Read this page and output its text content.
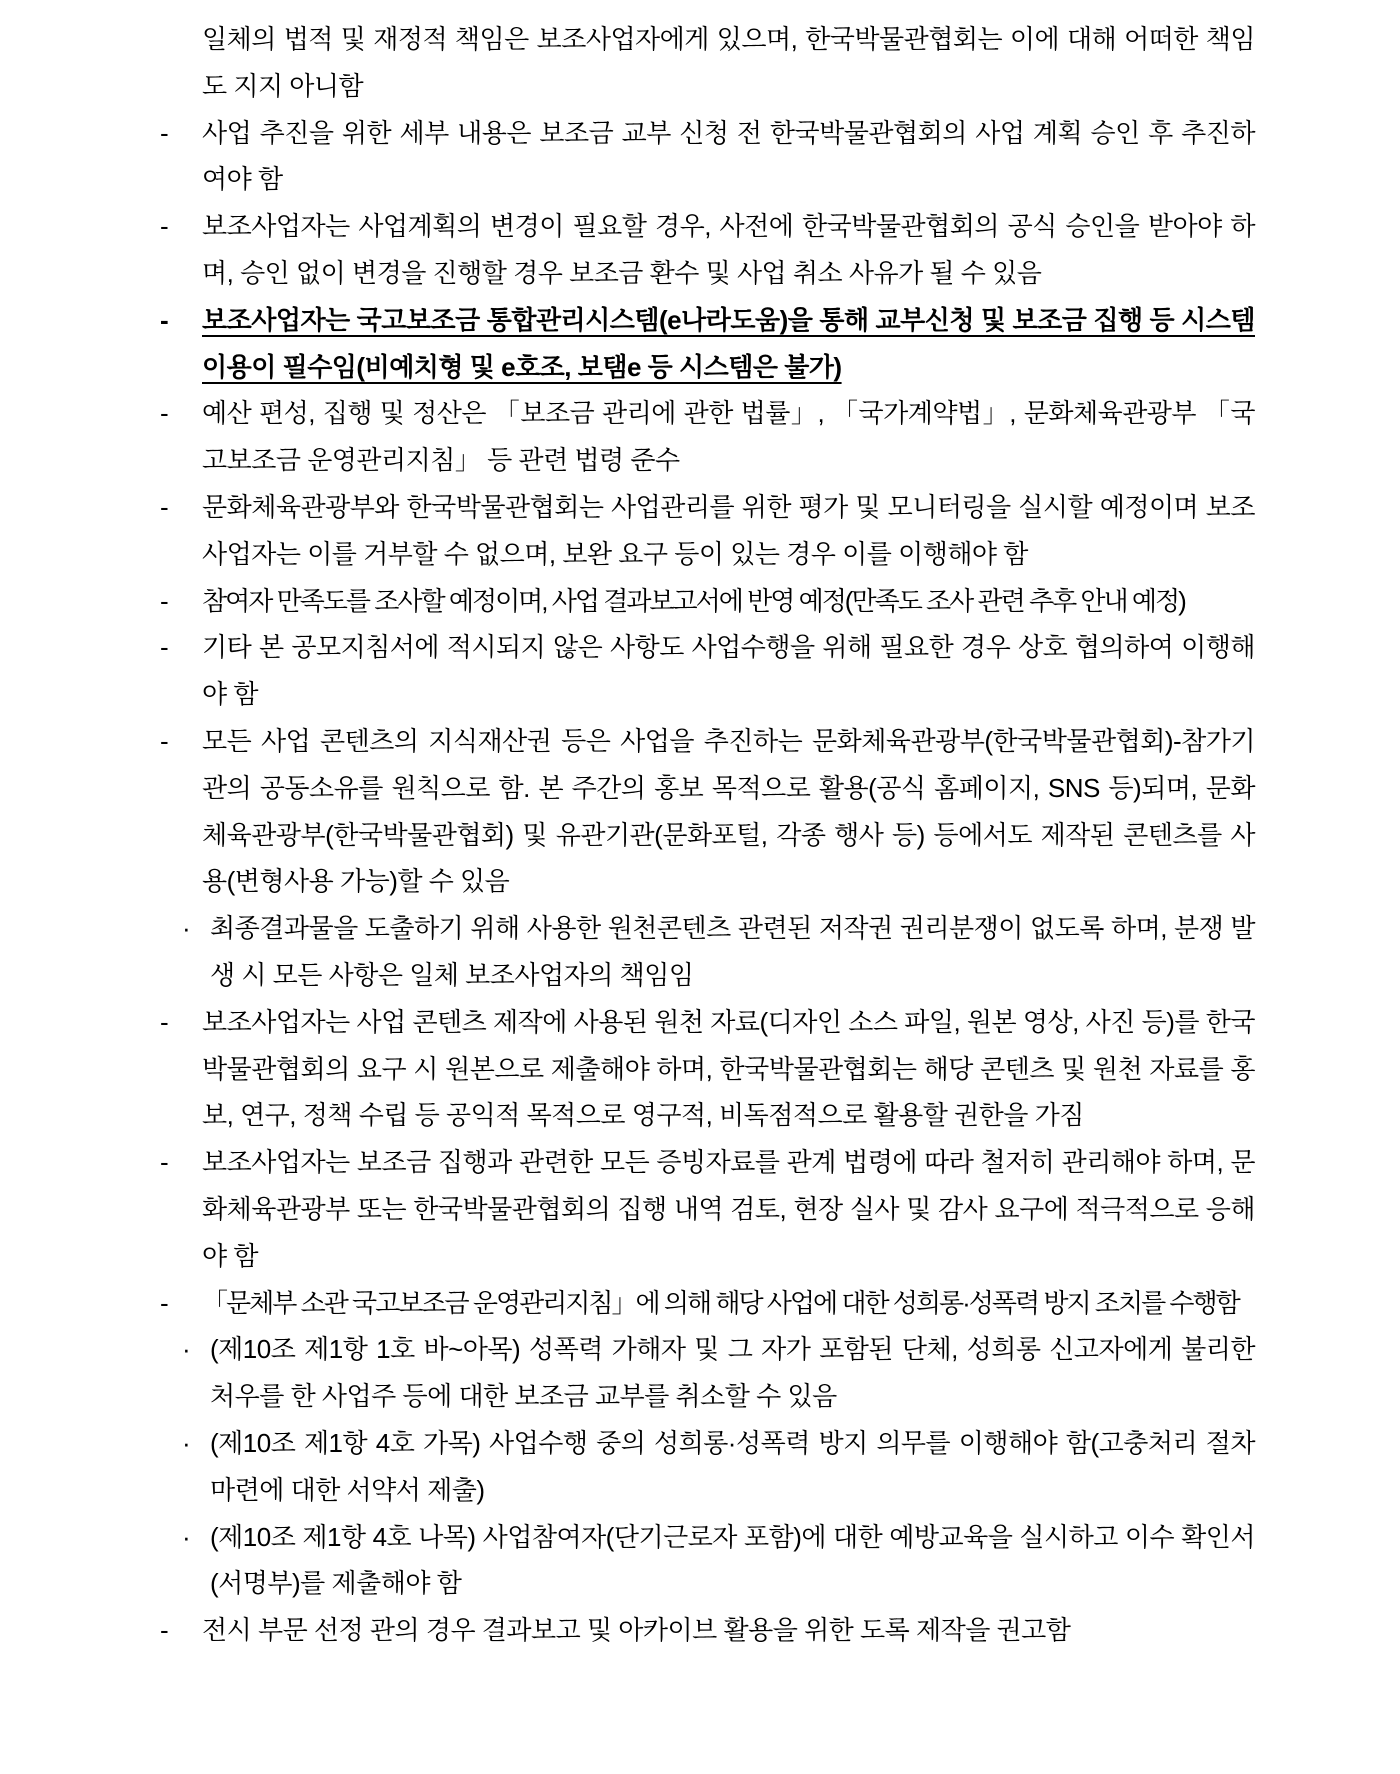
일체의 법적 및 재정적 책임은 보조사업자에게 있으며, 한국박물관협회는 이에 대해 어떠한 책임도 지지 아니함
- 사업 추진을 위한 세부 내용은 보조금 교부 신청 전 한국박물관협회의 사업 계획 승인 후 추진하여야 함
- 보조사업자는 사업계획의 변경이 필요할 경우, 사전에 한국박물관협회의 공식 승인을 받아야 하며, 승인 없이 변경을 진행할 경우 보조금 환수 및 사업 취소 사유가 될 수 있음
- 보조사업자는 국고보조금 통합관리시스템(e나라도움)을 통해 교부신청 및 보조금 집행 등 시스템 이용이 필수임(비예치형 및 e호조, 보탬e 등 시스템은 불가)
- 예산 편성, 집행 및 정산은 「보조금 관리에 관한 법률」, 「국가계약법」, 문화체육관광부 「국고보조금 운영관리지침」 등 관련 법령 준수
- 문화체육관광부와 한국박물관협회는 사업관리를 위한 평가 및 모니터링을 실시할 예정이며 보조사업자는 이를 거부할 수 없으며, 보완 요구 등이 있는 경우 이를 이행해야 함
- 참여자 만족도를 조사할 예정이며, 사업 결과보고서에 반영 예정(만족도 조사 관련 추후 안내 예정)
- 기타 본 공모지침서에 적시되지 않은 사항도 사업수행을 위해 필요한 경우 상호 협의하여 이행해야 함
- 모든 사업 콘텐츠의 지식재산권 등은 사업을 추진하는 문화체육관광부(한국박물관협회)-참가기관의 공동소유를 원칙으로 함. 본 주간의 홍보 목적으로 활용(공식 홈페이지, SNS 등)되며, 문화체육관광부(한국박물관협회) 및 유관기관(문화포털, 각종 행사 등) 등에서도 제작된 콘텐츠를 사용(변형사용 가능)할 수 있음
· 최종결과물을 도출하기 위해 사용한 원천콘텐츠 관련된 저작권 권리분쟁이 없도록 하며, 분쟁 발생 시 모든 사항은 일체 보조사업자의 책임임
- 보조사업자는 사업 콘텐츠 제작에 사용된 원천 자료(디자인 소스 파일, 원본 영상, 사진 등)를 한국박물관협회의 요구 시 원본으로 제출해야 하며, 한국박물관협회는 해당 콘텐츠 및 원천 자료를 홍보, 연구, 정책 수립 등 공익적 목적으로 영구적, 비독점적으로 활용할 권한을 가짐
- 보조사업자는 보조금 집행과 관련한 모든 증빙자료를 관계 법령에 따라 철저히 관리해야 하며, 문화체육관광부 또는 한국박물관협회의 집행 내역 검토, 현장 실사 및 감사 요구에 적극적으로 응해야 함
- 「문체부 소관 국고보조금 운영관리지침」에 의해 해당 사업에 대한 성희롱·성폭력 방지 조치를 수행함
· (제10조 제1항 1호 바~아목) 성폭력 가해자 및 그 자가 포함된 단체, 성희롱 신고자에게 불리한 처우를 한 사업주 등에 대한 보조금 교부를 취소할 수 있음
· (제10조 제1항 4호 가목) 사업수행 중의 성희롱·성폭력 방지 의무를 이행해야 함(고충처리 절차 마련에 대한 서약서 제출)
· (제10조 제1항 4호 나목) 사업참여자(단기근로자 포함)에 대한 예방교육을 실시하고 이수 확인서(서명부)를 제출해야 함
- 전시 부문 선정 관의 경우 결과보고 및 아카이브 활용을 위한 도록 제작을 권고함
